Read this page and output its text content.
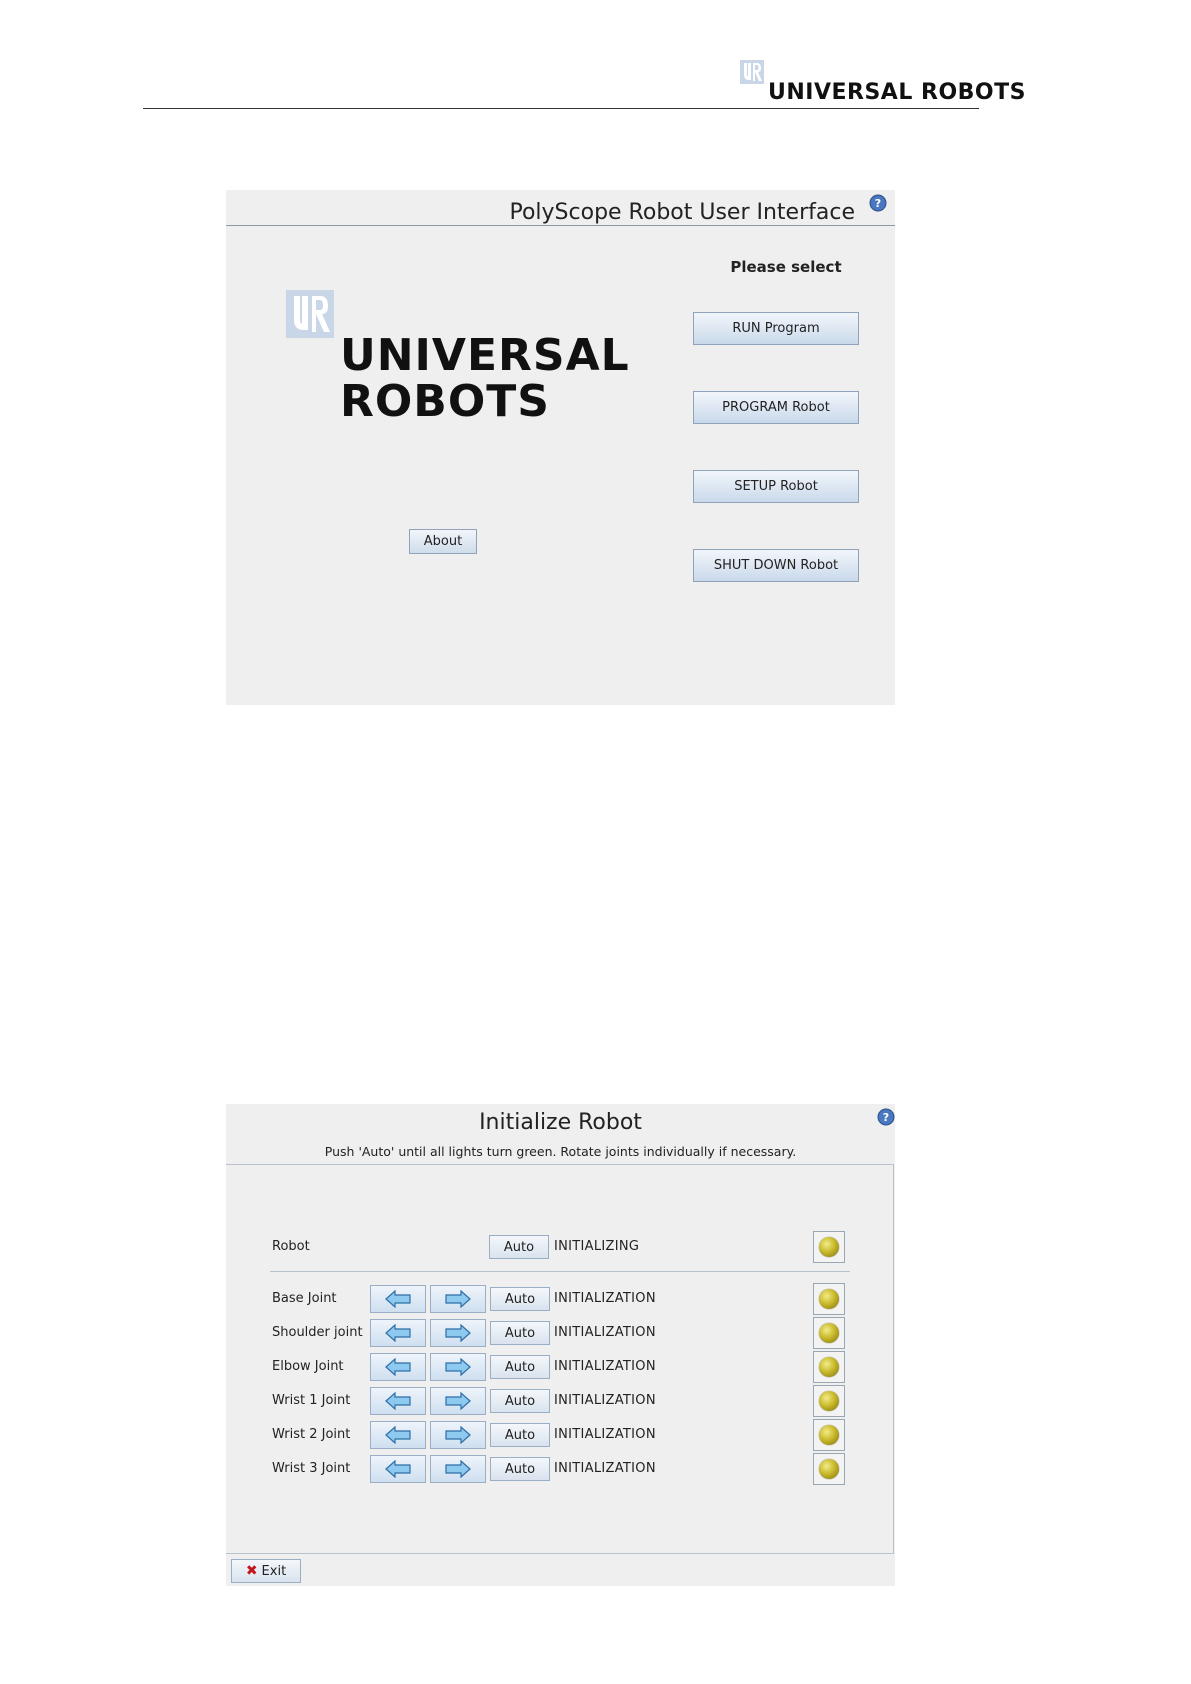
UNIVERSAL ROBOTS
PolyScope Robot User Interface ?
UNIVERSAL
ROBOTS
Please select
RUN Program
PROGRAM Robot
SETUP Robot
SHUT DOWN Robot
About
Initialize Robot	?
Push 'Auto' until all lights turn green. Rotate joints individually if necessary.
Robot	Auto	INITIALIZING
Base Joint	Auto	INITIALIZATION
Shoulder joint	Auto	INITIALIZATION
Elbow Joint	Auto	INITIALIZATION
Wrist 1 Joint	Auto	INITIALIZATION
Wrist 2 Joint	Auto	INITIALIZATION
Wrist 3 Joint	Auto	INITIALIZATION
✖ Exit
